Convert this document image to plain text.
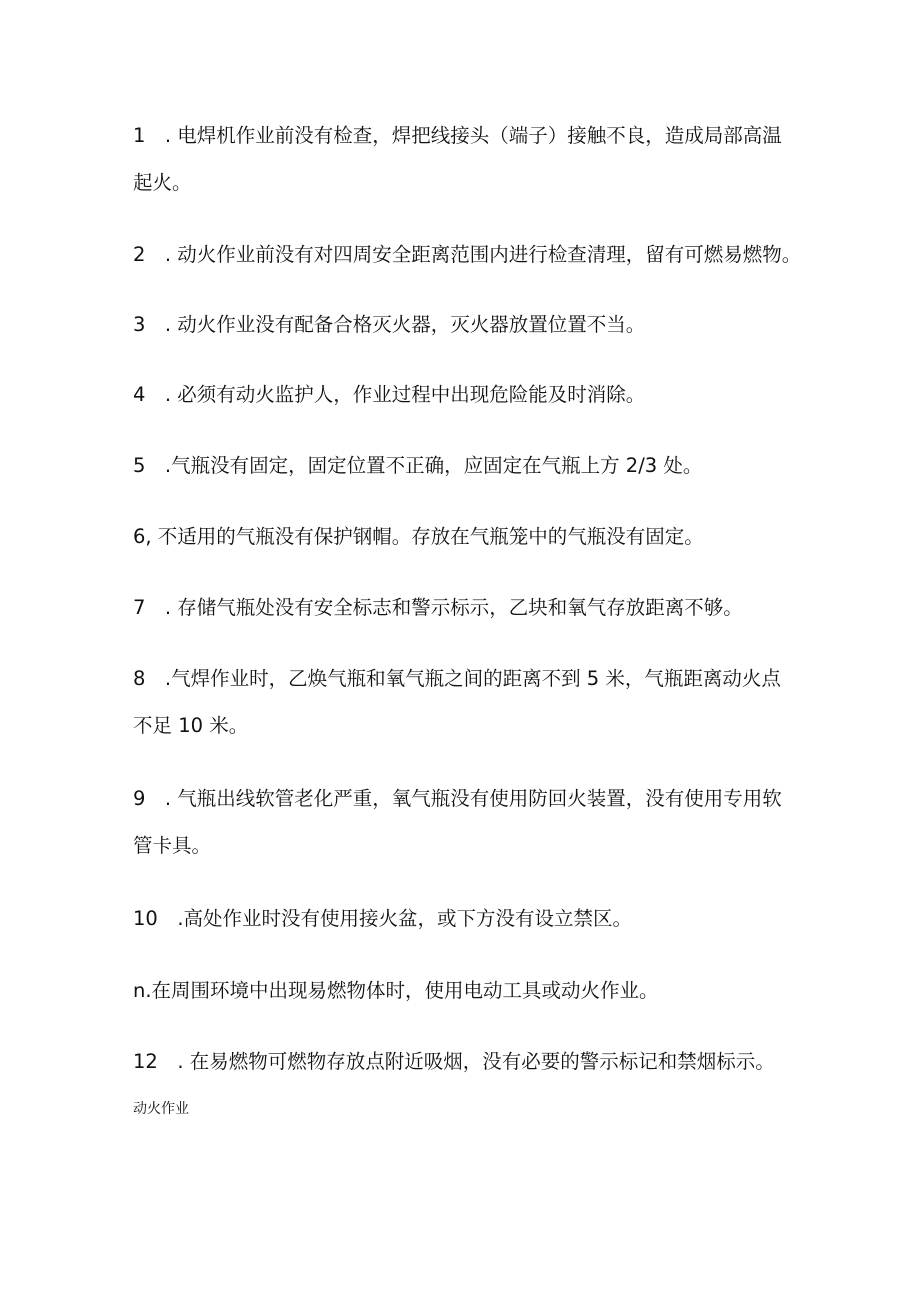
1　. 电焊机作业前没有检查，焊把线接头（端子）接触不良，造成局部高温
起火。
2　. 动火作业前没有对四周安全距离范围内进行检查清理，留有可燃易燃物。
3　. 动火作业没有配备合格灭火器，灭火器放置位置不当。
4　. 必须有动火监护人，作业过程中出现危险能及时消除。
5　.气瓶没有固定，固定位置不正确，应固定在气瓶上方 2/3 处。
6, 不适用的气瓶没有保护钢帽。存放在气瓶笼中的气瓶没有固定。
7　. 存储气瓶处没有安全标志和警示标示，乙块和氧气存放距离不够。
8　.气焊作业时，乙焕气瓶和氧气瓶之间的距离不到 5 米，气瓶距离动火点
不足 10 米。
9　. 气瓶出线软管老化严重，氧气瓶没有使用防回火装置，没有使用专用软
管卡具。
10　.高处作业时没有使用接火盆，或下方没有设立禁区。
n.在周围环境中出现易燃物体时，使用电动工具或动火作业。
12　. 在易燃物可燃物存放点附近吸烟，没有必要的警示标记和禁烟标示。
动火作业
